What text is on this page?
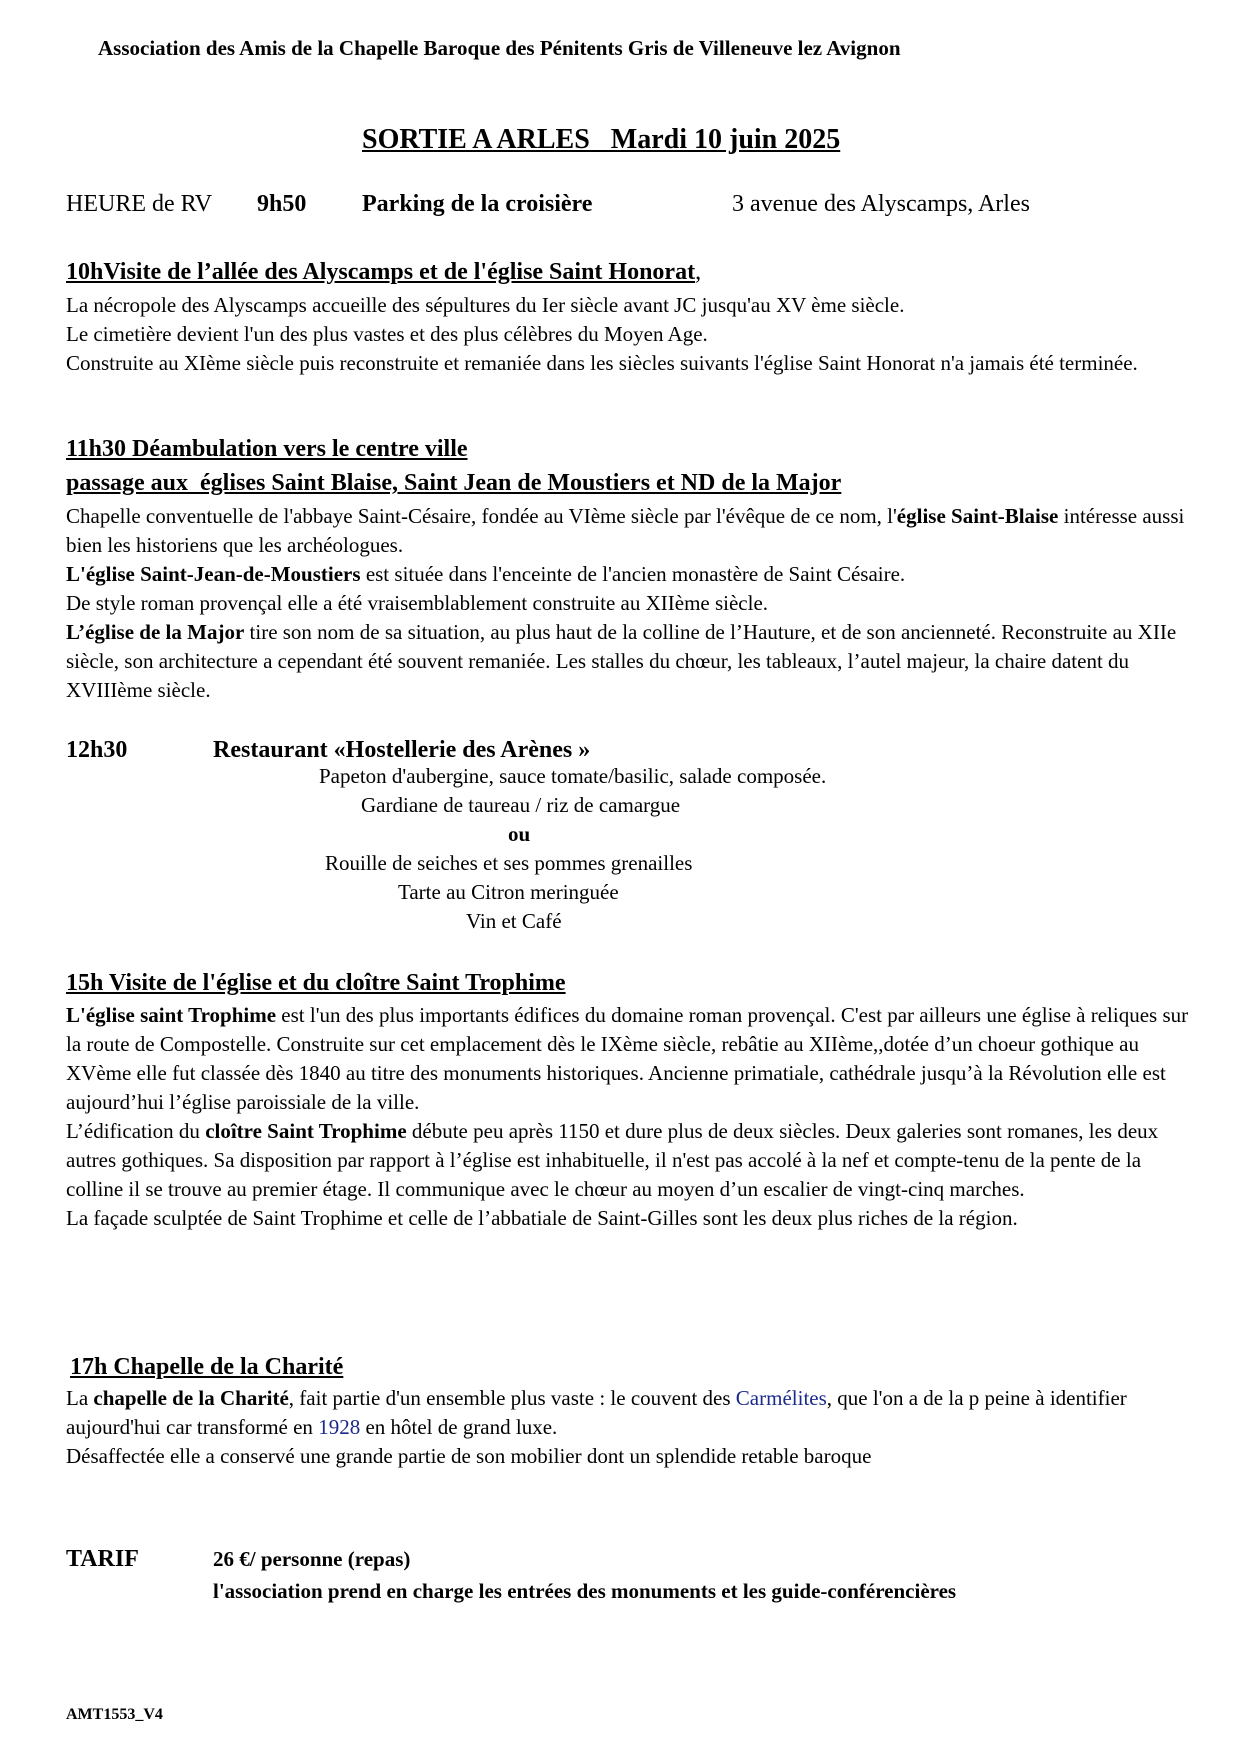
Association des Amis de la Chapelle Baroque des Pénitents Gris de Villeneuve lez Avignon
SORTIE A ARLES   Mardi 10 juin 2025
HEURE de RV 9h50 Parking de la croisière	3 avenue des Alyscamps, Arles
10hVisite de l’allée des Alyscamps et de l'église Saint Honorat,

La nécropole des Alyscamps accueille des sépultures du Ier siècle avant JC jusqu'au XV ème siècle.

Le cimetière devient l'un des plus vastes et des plus célèbres du Moyen Age.

Construite au XIème siècle puis reconstruite et remaniée dans les siècles suivants l'église Saint Honorat n'a jamais été terminée.

11h30 Déambulation vers le centre ville
passage aux  églises Saint Blaise, Saint Jean de Moustiers et ND de la Major

Chapelle conventuelle de l'abbaye Saint-Césaire, fondée au VIème siècle par l'évêque de ce nom, l'église Saint-Blaise intéresse aussi bien les historiens que les archéologues.

L'église Saint-Jean-de-Moustiers est située dans l'enceinte de l'ancien monastère de Saint Césaire.

De style roman provençal elle a été vraisemblablement construite au XIIème siècle.

L’église de la Major tire son nom de sa situation, au plus haut de la colline de l’Hauture, et de son ancienneté. Reconstruite au XIIe siècle, son architecture a cependant été souvent remaniée. Les stalles du chœur, les tableaux, l’autel majeur, la chaire datent du XVIIIème siècle.

12h30	Restaurant «Hostellerie des Arènes »
Papeton d'aubergine, sauce tomate/basilic, salade composée.
Gardiane de taureau / riz de camargue
ou
Rouille de seiches et ses pommes grenailles
Tarte au Citron meringuée
Vin et Café
15h Visite de l'église et du cloître Saint Trophime

L'église saint Trophime est l'un des plus importants édifices du domaine roman provençal. C'est par ailleurs une église à reliques sur la route de Compostelle. Construite sur cet emplacement dès le IXème siècle, rebâtie au XIIème,,dotée d’un choeur gothique au XVème elle fut classée dès 1840 au titre des monuments historiques. Ancienne primatiale, cathédrale jusqu’à la Révolution elle est aujourd’hui l’église paroissiale de la ville.

L’édification du cloître Saint Trophime débute peu après 1150 et dure plus de deux siècles. Deux galeries sont romanes, les deux autres gothiques. Sa disposition par rapport à l’église est inhabituelle, il n'est pas accolé à la nef et compte-tenu de la pente de la colline il se trouve au premier étage. Il communique avec le chœur au moyen d’un escalier de vingt-cinq marches.

La façade sculptée de Saint Trophime et celle de l’abbatiale de Saint-Gilles sont les deux plus riches de la région.

17h Chapelle de la Charité

La chapelle de la Charité, fait partie d'un ensemble plus vaste : le couvent des Carmélites, que l'on a de la p peine à identifier aujourd'hui car transformé en 1928 en hôtel de grand luxe.

Désaffectée elle a conservé une grande partie de son mobilier dont un splendide retable baroque

TARIF	26 €/ personne (repas)
l'association prend en charge les entrées des monuments et les guide-conférencières
AMT1553_V4
